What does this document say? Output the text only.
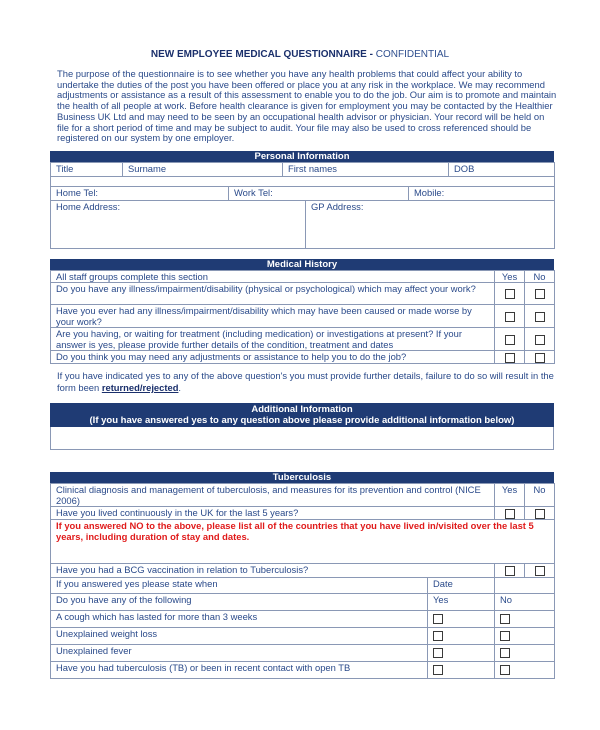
NEW EMPLOYEE MEDICAL QUESTIONNAIRE - CONFIDENTIAL
The purpose of the questionnaire is to see whether you have any health problems that could affect your ability to undertake the duties of the post you have been offered or place you at any risk in the workplace. We may recommend adjustments or assistance as a result of this assessment to enable you to do the job. Our aim is to promote and maintain the health of all people at work. Before health clearance is given for employment you may be contacted by the Healthier Business UK Ltd and may need to be seen by an occupational health advisor or physician. Your record will be held on file for a short period of time and may be subject to audit. Your file may also be used to cross referenced should be registered on our system by one employer.
Personal Information
Title	Surname	First names	DOB

Home Tel:	Work Tel:	Mobile:
Home Address:	GP Address:
Medical History
All staff groups complete this section	Yes	No
Do you have any illness/impairment/disability (physical or psychological) which may affect your work?		
Have you ever had any illness/impairment/disability which may have been caused or made worse by your work?		
Are you having, or waiting for treatment (including medication) or investigations at present? If your answer is yes, please provide further details of the condition, treatment and dates		
Do you think you may need any adjustments or assistance to help you to do the job?		
If you have indicated yes to any of the above question's you must provide further details, failure to do so will result in the form been returned/rejected.
Additional Information
(If you have answered yes to any question above please provide additional information below)
Tuberculosis
Clinical diagnosis and management of tuberculosis, and measures for its prevention and control (NICE 2006)		Yes	No
Have you lived continuously in the UK for the last 5 years?			
If you answered NO to the above, please list all of the countries that you have lived in/visited over the last 5 years, including duration of stay and dates.			
Have you had a BCG vaccination in relation to Tuberculosis?			
If you answered yes please state when	Date		
Do you have any of the following	Yes	No	
A cough which has lasted for more than 3 weeks			
Unexplained weight loss			
Unexplained fever			
Have you had tuberculosis (TB) or been in recent contact with open TB			
